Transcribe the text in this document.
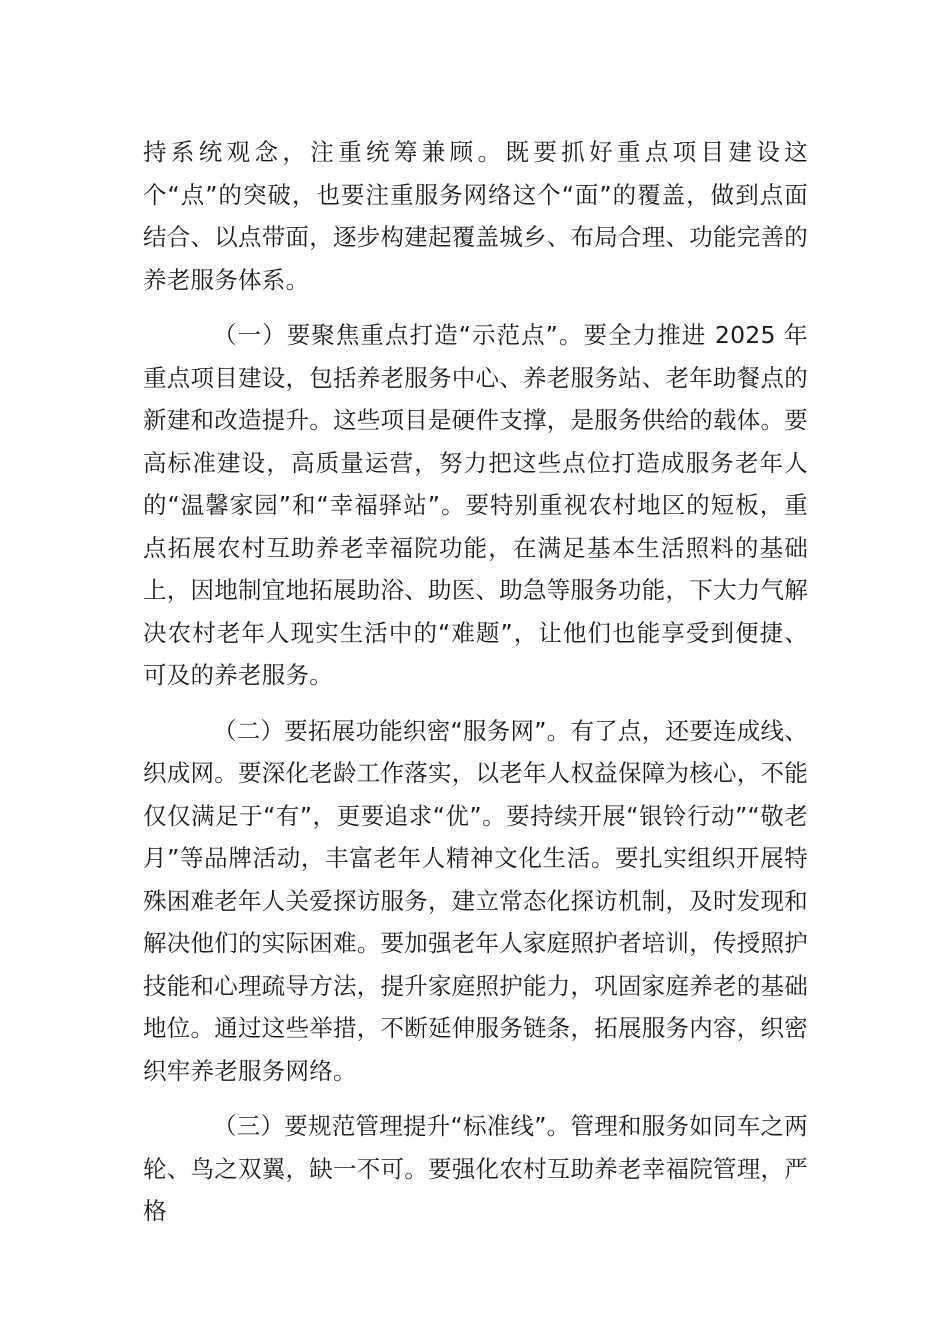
持系统观念，注重统筹兼顾。既要抓好重点项目建设这个“点”的突破，也要注重服务网络这个“面”的覆盖，做到点面结合、以点带面，逐步构建起覆盖城乡、布局合理、功能完善的养老服务体系。

（一）要聚焦重点打造“示范点”。要全力推进 2025 年重点项目建设，包括养老服务中心、养老服务站、老年助餐点的新建和改造提升。这些项目是硬件支撑，是服务供给的载体。要高标准建设，高质量运营，努力把这些点位打造成服务老年人的“温馨家园”和“幸福驿站”。要特别重视农村地区的短板，重点拓展农村互助养老幸福院功能，在满足基本生活照料的基础上，因地制宜地拓展助浴、助医、助急等服务功能，下大力气解决农村老年人现实生活中的“难题”，让他们也能享受到便捷、可及的养老服务。

（二）要拓展功能织密“服务网”。有了点，还要连成线、织成网。要深化老龄工作落实，以老年人权益保障为核心，不能仅仅满足于“有”，更要追求“优”。要持续开展“银铃行动”“敬老月”等品牌活动，丰富老年人精神文化生活。要扎实组织开展特殊困难老年人关爱探访服务，建立常态化探访机制，及时发现和解决他们的实际困难。要加强老年人家庭照护者培训，传授照护技能和心理疏导方法，提升家庭照护能力，巩固家庭养老的基础地位。通过这些举措，不断延伸服务链条，拓展服务内容，织密织牢养老服务网络。

（三）要规范管理提升“标准线”。管理和服务如同车之两轮、鸟之双翼，缺一不可。要强化农村互助养老幸福院管理，严格
